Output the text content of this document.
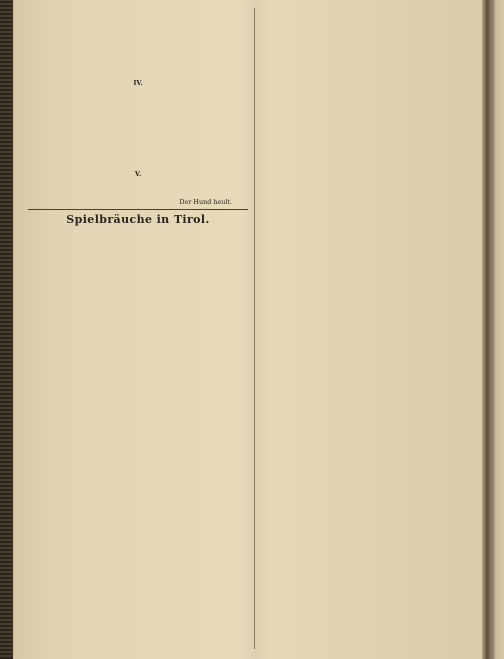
IV.

V.

Der Hund heult.
Spielbräuche in Tirol.
